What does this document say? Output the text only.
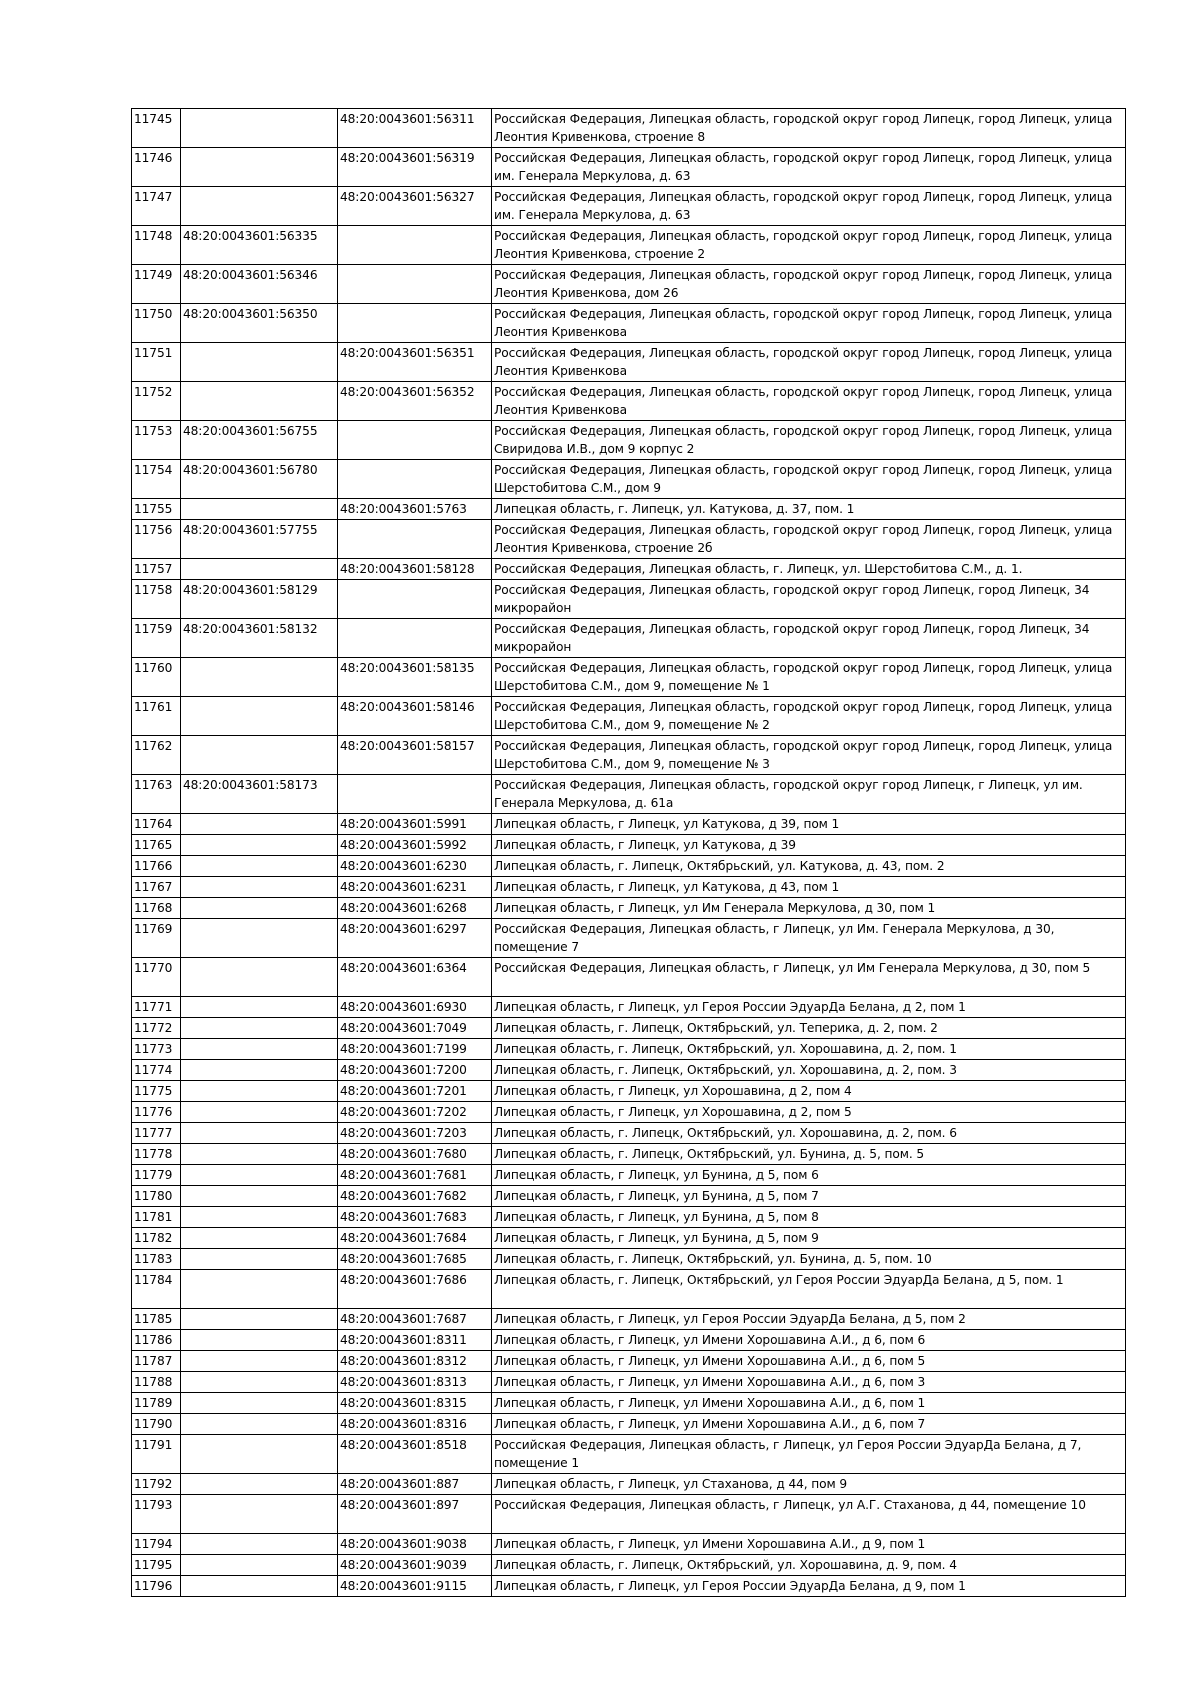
11745		48:20:0043601:56311	Российская Федерация, Липецкая область, городской округ город Липецк, город Липецк, улица Леонтия Кривенкова, строение 8
11746		48:20:0043601:56319	Российская Федерация, Липецкая область, городской округ город Липецк, город Липецк, улица им. Генерала Меркулова, д. 63
11747		48:20:0043601:56327	Российская Федерация, Липецкая область, городской округ город Липецк, город Липецк, улица им. Генерала Меркулова, д. 63
11748	48:20:0043601:56335		Российская Федерация, Липецкая область, городской округ город Липецк, город Липецк, улица Леонтия Кривенкова, строение 2
11749	48:20:0043601:56346		Российская Федерация, Липецкая область, городской округ город Липецк, город Липецк, улица Леонтия Кривенкова, дом 26
11750	48:20:0043601:56350		Российская Федерация, Липецкая область, городской округ город Липецк, город Липецк, улица Леонтия Кривенкова
11751		48:20:0043601:56351	Российская Федерация, Липецкая область, городской округ город Липецк, город Липецк, улица Леонтия Кривенкова
11752		48:20:0043601:56352	Российская Федерация, Липецкая область, городской округ город Липецк, город Липецк, улица Леонтия Кривенкова
11753	48:20:0043601:56755		Российская Федерация, Липецкая область, городской округ город Липецк, город Липецк, улица Свиридова И.В., дом 9 корпус 2
11754	48:20:0043601:56780		Российская Федерация, Липецкая область, городской округ город Липецк, город Липецк, улица Шерстобитова С.М., дом 9
11755		48:20:0043601:5763	Липецкая область, г. Липецк, ул. Катукова, д. 37, пом. 1
11756	48:20:0043601:57755		Российская Федерация, Липецкая область, городской округ город Липецк, город Липецк, улица Леонтия Кривенкова, строение 2б
11757		48:20:0043601:58128	Российская Федерация, Липецкая область, г. Липецк, ул. Шерстобитова С.М., д. 1.
11758	48:20:0043601:58129		Российская Федерация, Липецкая область, городской округ город Липецк, город Липецк, 34 микрорайон
11759	48:20:0043601:58132		Российская Федерация, Липецкая область, городской округ город Липецк, город Липецк, 34 микрорайон
11760		48:20:0043601:58135	Российская Федерация, Липецкая область, городской округ город Липецк, город Липецк, улица Шерстобитова С.М., дом 9, помещение № 1
11761		48:20:0043601:58146	Российская Федерация, Липецкая область, городской округ город Липецк, город Липецк, улица Шерстобитова С.М., дом 9, помещение № 2
11762		48:20:0043601:58157	Российская Федерация, Липецкая область, городской округ город Липецк, город Липецк, улица Шерстобитова С.М., дом 9, помещение № 3
11763	48:20:0043601:58173		Российская Федерация, Липецкая область, городской округ город Липецк, г Липецк, ул им. Генерала Меркулова, д. 61а
11764		48:20:0043601:5991	Липецкая область, г Липецк, ул Катукова, д 39, пом 1
11765		48:20:0043601:5992	Липецкая область, г Липецк, ул Катукова, д 39
11766		48:20:0043601:6230	Липецкая область, г. Липецк, Октябрьский, ул. Катукова, д. 43, пом. 2
11767		48:20:0043601:6231	Липецкая область, г Липецк, ул Катукова, д 43, пом 1
11768		48:20:0043601:6268	Липецкая область, г Липецк, ул Им Генерала Меркулова, д 30, пом 1
11769		48:20:0043601:6297	Российская Федерация, Липецкая область, г Липецк, ул Им. Генерала Меркулова, д 30, помещение 7
11770		48:20:0043601:6364	Российская Федерация, Липецкая область, г Липецк, ул Им Генерала Меркулова, д 30, пом 5
11771		48:20:0043601:6930	Липецкая область, г Липецк, ул Героя России ЭдуарДа Белана, д 2, пом 1
11772		48:20:0043601:7049	Липецкая область, г. Липецк, Октябрьский, ул. Теперика, д. 2, пом. 2
11773		48:20:0043601:7199	Липецкая область, г. Липецк, Октябрьский, ул. Хорошавина, д. 2, пом. 1
11774		48:20:0043601:7200	Липецкая область, г. Липецк, Октябрьский, ул. Хорошавина, д. 2, пом. 3
11775		48:20:0043601:7201	Липецкая область, г Липецк, ул Хорошавина, д 2, пом 4
11776		48:20:0043601:7202	Липецкая область, г Липецк, ул Хорошавина, д 2, пом 5
11777		48:20:0043601:7203	Липецкая область, г. Липецк, Октябрьский, ул. Хорошавина, д. 2, пом. 6
11778		48:20:0043601:7680	Липецкая область, г. Липецк, Октябрьский, ул. Бунина, д. 5, пом. 5
11779		48:20:0043601:7681	Липецкая область, г Липецк, ул Бунина, д 5, пом 6
11780		48:20:0043601:7682	Липецкая область, г Липецк, ул Бунина, д 5, пом 7
11781		48:20:0043601:7683	Липецкая область, г Липецк, ул Бунина, д 5, пом 8
11782		48:20:0043601:7684	Липецкая область, г Липецк, ул Бунина, д 5, пом 9
11783		48:20:0043601:7685	Липецкая область, г. Липецк, Октябрьский, ул. Бунина, д. 5, пом. 10
11784		48:20:0043601:7686	Липецкая область, г. Липецк, Октябрьский, ул Героя России ЭдуарДа Белана, д 5, пом. 1
11785		48:20:0043601:7687	Липецкая область, г Липецк, ул Героя России ЭдуарДа Белана, д 5, пом 2
11786		48:20:0043601:8311	Липецкая область, г Липецк, ул Имени Хорошавина А.И., д 6, пом 6
11787		48:20:0043601:8312	Липецкая область, г Липецк, ул Имени Хорошавина А.И., д 6, пом 5
11788		48:20:0043601:8313	Липецкая область, г Липецк, ул Имени Хорошавина А.И., д 6, пом 3
11789		48:20:0043601:8315	Липецкая область, г Липецк, ул Имени Хорошавина А.И., д 6, пом 1
11790		48:20:0043601:8316	Липецкая область, г Липецк, ул Имени Хорошавина А.И., д 6, пом 7
11791		48:20:0043601:8518	Российская Федерация, Липецкая область, г Липецк, ул Героя России ЭдуарДа Белана, д 7, помещение 1
11792		48:20:0043601:887	Липецкая область, г Липецк, ул Стаханова, д 44, пом 9
11793		48:20:0043601:897	Российская Федерация, Липецкая область, г Липецк, ул А.Г. Стаханова, д 44, помещение 10
11794		48:20:0043601:9038	Липецкая область, г Липецк, ул Имени Хорошавина А.И., д 9, пом 1
11795		48:20:0043601:9039	Липецкая область, г. Липецк, Октябрьский, ул. Хорошавина, д. 9, пом. 4
11796		48:20:0043601:9115	Липецкая область, г Липецк, ул Героя России ЭдуарДа Белана, д 9, пом 1
